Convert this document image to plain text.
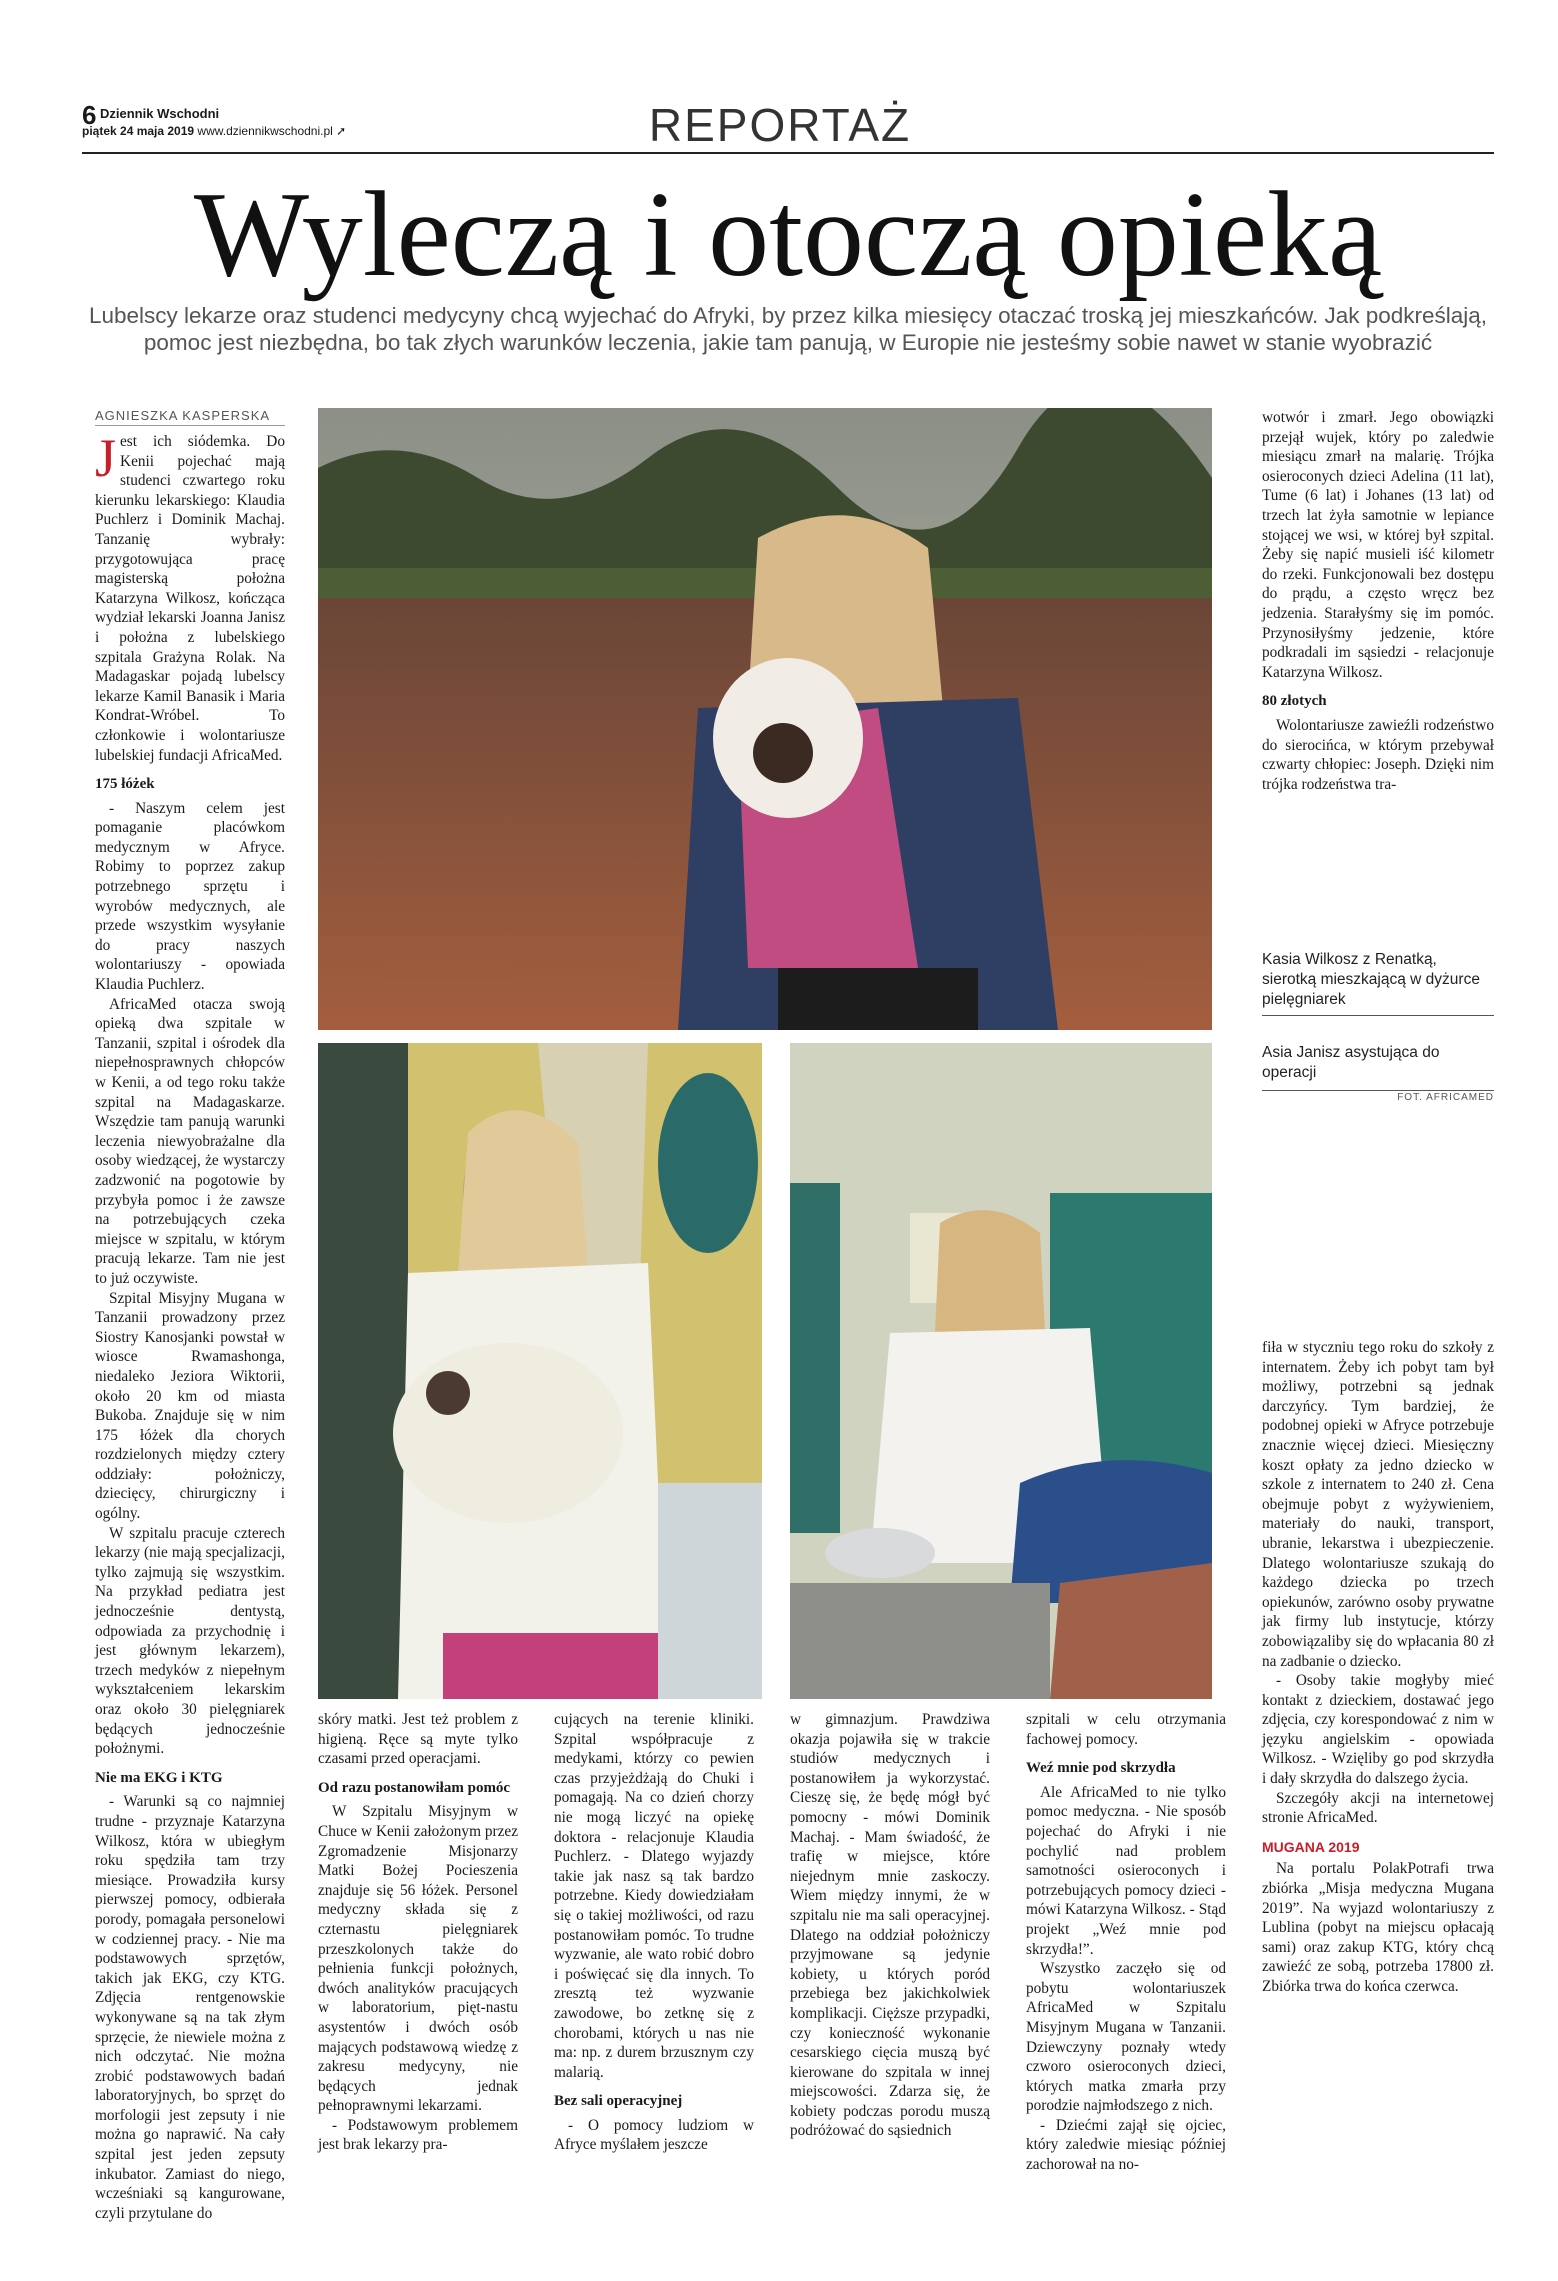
6 Dziennik Wschodni
piątek 24 maja 2019 www.dziennikwschodni.pl ➚	REPORTAŻ
Wyleczą i otoczą opieką
Lubelscy lekarze oraz studenci medycyny chcą wyjechać do Afryki, by przez kilka miesięcy otaczać troską jej mieszkańców. Jak podkreślają, pomoc jest niezbędna, bo tak złych warunków leczenia, jakie tam panują, w Europie nie jesteśmy sobie nawet w stanie wyobrazić
AGNIESZKA KASPERSKA

Jest ich siódemka. Do Kenii pojechać mają studenci czwartego roku kierunku lekarskiego: Klaudia Puchlerz i Dominik Machaj. Tanzanię wybrały: przygotowująca pracę magisterską położna Katarzyna Wilkosz, kończąca wydział lekarski Joanna Janisz i położna z lubelskiego szpitala Grażyna Rolak. Na Madagaskar pojadą lubelscy lekarze Kamil Banasik i Maria Kondrat-Wróbel. To członkowie i wolontariusze lubelskiej fundacji AfricaMed.

175 łóżek

- Naszym celem jest pomaganie placówkom medycznym w Afryce. Robimy to poprzez zakup potrzebnego sprzętu i wyrobów medycznych, ale przede wszystkim wysyłanie do pracy naszych wolontariuszy - opowiada Klaudia Puchlerz.

AfricaMed otacza swoją opieką dwa szpitale w Tanzanii, szpital i ośrodek dla niepełnosprawnych chłopców w Kenii, a od tego roku także szpital na Madagaskarze. Wszędzie tam panują warunki leczenia niewyobrażalne dla osoby wiedzącej, że wystarczy zadzwonić na pogotowie by przybyła pomoc i że zawsze na potrzebujących czeka miejsce w szpitalu, w którym pracują lekarze. Tam nie jest to już oczywiste.

Szpital Misyjny Mugana w Tanzanii prowadzony przez Siostry Kanosjanki powstał w wiosce Rwamashonga, niedaleko Jeziora Wiktorii, około 20 km od miasta Bukoba. Znajduje się w nim 175 łóżek dla chorych rozdzielonych między cztery oddziały: położniczy, dziecięcy, chirurgiczny i ogólny.

W szpitalu pracuje czterech lekarzy (nie mają specjalizacji, tylko zajmują się wszystkim. Na przykład pediatra jest jednocześnie dentystą, odpowiada za przychodnię i jest głównym lekarzem), trzech medyków z niepełnym wykształceniem lekarskim oraz około 30 pielęgniarek będących jednocześnie położnymi.

Nie ma EKG i KTG

- Warunki są co najmniej trudne - przyznaje Katarzyna Wilkosz, która w ubiegłym roku spędziła tam trzy miesiące. Prowadziła kursy pierwszej pomocy, odbierała porody, pomagała personelowi w codziennej pracy. - Nie ma podstawowych sprzętów, takich jak EKG, czy KTG. Zdjęcia rentgenowskie wykonywane są na tak złym sprzęcie, że niewiele można z nich odczytać. Nie można zrobić podstawowych badań laboratoryjnych, bo sprzęt do morfologii jest zepsuty i nie można go naprawić. Na cały szpital jest jeden zepsuty inkubator. Zamiast do niego, wcześniaki są kangurowane, czyli przytulane do

wotwór i zmarł. Jego obowiązki przejął wujek, który po zaledwie miesiącu zmarł na malarię. Trójka osieroconych dzieci Adelina (11 lat), Tume (6 lat) i Johanes (13 lat) od trzech lat żyła samotnie w lepiance stojącej we wsi, w której był szpital. Żeby się napić musieli iść kilometr do rzeki. Funkcjonowali bez dostępu do prądu, a często wręcz bez jedzenia. Starałyśmy się im pomóc. Przynosiłyśmy jedzenie, które podkradali im sąsiedzi - relacjonuje Katarzyna Wilkosz.

80 złotych

Wolontariusze zawieźli rodzeństwo do sierocińca, w którym przebywał czwarty chłopiec: Joseph. Dzięki nim trójka rodzeństwa tra-

Kasia Wilkosz z Renatką, sierotką mieszkającą w dyżurce pielęgniarek
Asia Janisz asystująca do operacji
FOT. AFRICAMED

fiła w styczniu tego roku do szkoły z internatem. Żeby ich pobyt tam był możliwy, potrzebni są jednak darczyńcy. Tym bardziej, że podobnej opieki w Afryce potrzebuje znacznie więcej dzieci. Miesięczny koszt opłaty za jedno dziecko w szkole z internatem to 240 zł. Cena obejmuje pobyt z wyżywieniem, materiały do nauki, transport, ubranie, lekarstwa i ubezpieczenie. Dlatego wolontariusze szukają do każdego dziecka po trzech opiekunów, zarówno osoby prywatne jak firmy lub instytucje, którzy zobowiązaliby się do wpłacania 80 zł na zadbanie o dziecko.

- Osoby takie mogłyby mieć kontakt z dzieckiem, dostawać jego zdjęcia, czy korespondować z nim w języku angielskim - opowiada Wilkosz. - Wzięliby go pod skrzydła i dały skrzydła do dalszego życia.

Szczegóły akcji na internetowej stronie AfricaMed.

MUGANA 2019

Na portalu PolakPotrafi trwa zbiórka „Misja medyczna Mugana 2019”. Na wyjazd wolontariuszy z Lublina (pobyt na miejscu opłacają sami) oraz zakup KTG, który chcą zawieźć ze sobą, potrzeba 17800 zł. Zbiórka trwa do końca czerwca.

skóry matki. Jest też problem z higieną. Ręce są myte tylko czasami przed operacjami.

Od razu postanowiłam pomóc

W Szpitalu Misyjnym w Chuce w Kenii założonym przez Zgromadzenie Misjonarzy Matki Bożej Pocieszenia znajduje się 56 łóżek. Personel medyczny składa się z czternastu pielęgniarek przeszkolonych także do pełnienia funkcji położnych, dwóch analityków pracujących w laboratorium, pięt-nastu asystentów i dwóch osób mających podstawową wiedzę z zakresu medycyny, nie będących jednak pełnoprawnymi lekarzami.

- Podstawowym problemem jest brak lekarzy pra-

cujących na terenie kliniki. Szpital współpracuje z medykami, którzy co pewien czas przyjeżdżają do Chuki i pomagają. Na co dzień chorzy nie mogą liczyć na opiekę doktora - relacjonuje Klaudia Puchlerz. - Dlatego wyjazdy takie jak nasz są tak bardzo potrzebne. Kiedy dowiedziałam się o takiej możliwości, od razu postanowiłam pomóc. To trudne wyzwanie, ale wato robić dobro i poświęcać się dla innych. To zresztą też wyzwanie zawodowe, bo zetknę się z chorobami, których u nas nie ma: np. z durem brzusznym czy malarią.

Bez sali operacyjnej

- O pomocy ludziom w Afryce myślałem jeszcze

w gimnazjum. Prawdziwa okazja pojawiła się w trakcie studiów medycznych i postanowiłem ja wykorzystać. Cieszę się, że będę mógł być pomocny - mówi Dominik Machaj. - Mam świadość, że trafię w miejsce, które niejednym mnie zaskoczy. Wiem między innymi, że w szpitalu nie ma sali operacyjnej. Dlatego na oddział położniczy przyjmowane są jedynie kobiety, u których poród przebiega bez jakichkolwiek komplikacji. Cięższe przypadki, czy konieczność wykonanie cesarskiego cięcia muszą być kierowane do szpitala w innej miejscowości. Zdarza się, że kobiety podczas porodu muszą podróżować do sąsiednich

szpitali w celu otrzymania fachowej pomocy.

Weź mnie pod skrzydła

Ale AfricaMed to nie tylko pomoc medyczna. - Nie sposób pojechać do Afryki i nie pochylić nad problem samotności osieroconych i potrzebujących pomocy dzieci - mówi Katarzyna Wilkosz. - Stąd projekt „Weź mnie pod skrzydła!”.

Wszystko zaczęło się od pobytu wolontariuszek AfricaMed w Szpitalu Misyjnym Mugana w Tanzanii. Dziewczyny poznały wtedy czworo osieroconych dzieci, których matka zmarła przy porodzie najmłodszego z nich.

- Dziećmi zajął się ojciec, który zaledwie miesiąc później zachorował na no-
